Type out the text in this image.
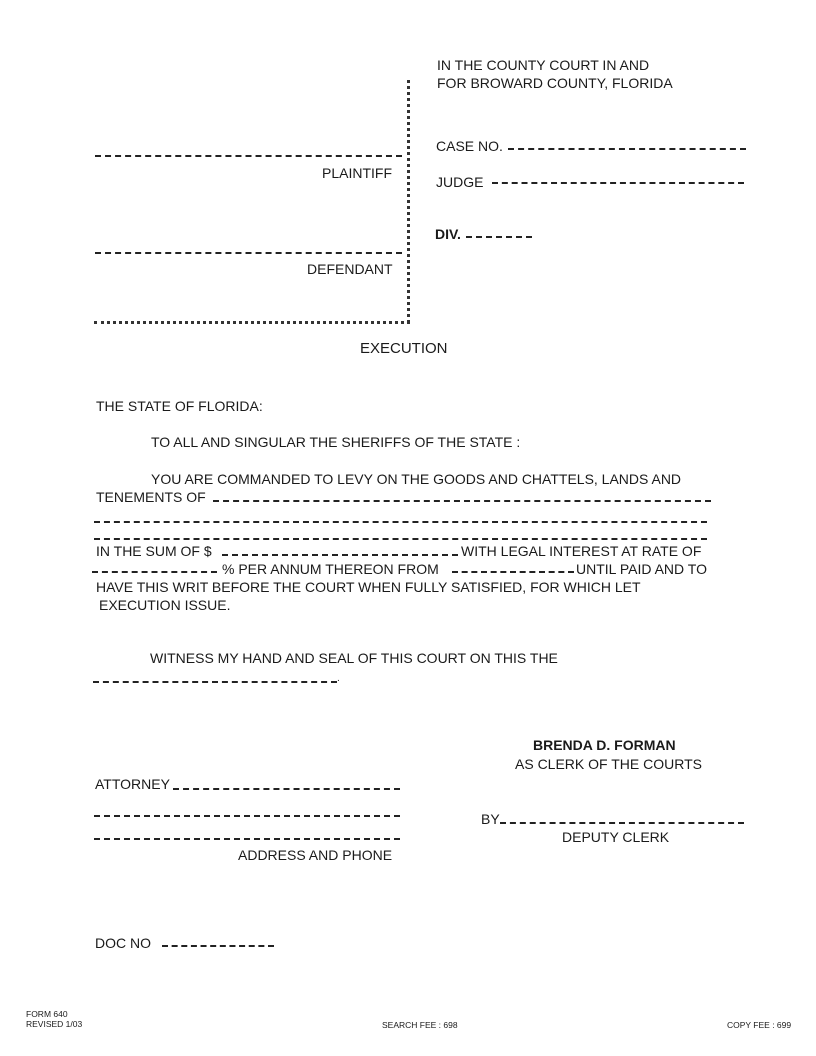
IN THE COUNTY COURT IN AND
FOR BROWARD COUNTY, FLORIDA
PLAINTIFF
DEFENDANT
CASE NO.
JUDGE
DIV.
EXECUTION
THE STATE OF FLORIDA:
TO ALL AND SINGULAR THE SHERIFFS OF THE STATE :
YOU ARE COMMANDED TO LEVY ON THE GOODS AND CHATTELS, LANDS AND
TENEMENTS OF
IN THE SUM OF $	WITH LEGAL INTEREST AT RATE OF
% PER ANNUM THEREON FROM	UNTIL PAID AND TO
HAVE THIS WRIT BEFORE THE COURT WHEN FULLY SATISFIED, FOR WHICH LET
EXECUTION ISSUE.
WITNESS MY HAND AND SEAL OF THIS COURT ON THIS THE
.
BRENDA D. FORMAN
AS CLERK OF THE COURTS
BY
DEPUTY CLERK
ATTORNEY
ADDRESS AND PHONE
DOC NO
FORM 640
REVISED 1/03	SEARCH FEE : 698	COPY FEE : 699
